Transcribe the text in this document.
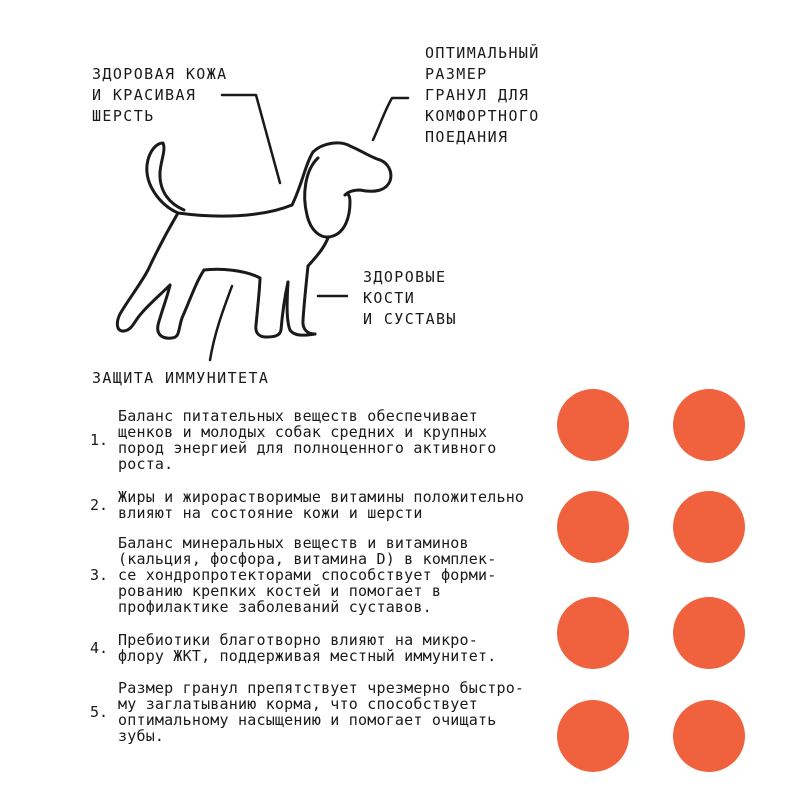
ЗДОРОВАЯ КОЖА
И КРАСИВАЯ
ШЕРСТЬ
ОПТИМАЛЬНЫЙ
РАЗМЕР
ГРАНУЛ ДЛЯ
КОМФОРТНОГО
ПОЕДАНИЯ
ЗДОРОВЫЕ
КОСТИ
И СУСТАВЫ
ЗАЩИТА ИММУНИТЕТА
1.
Баланс питательных веществ обеспечивает
щенков и молодых собак средних и крупных
пород энергией для полноценного активного
роста.
2. Жиры и жирорастворимые витамины положительно
влияют на состояние кожи и шерсти
3.
Баланс минеральных веществ и витаминов
(кальция, фосфора, витамина D) в комплек-
се хондропротекторами способствует форми-
рованию крепких костей и помогает в
профилактике заболеваний суставов.
4. Пребиотики благотворно влияют на микро-
флору ЖКТ, поддерживая местный иммунитет.
5.
Размер гранул препятствует чрезмерно быстро-
му заглатыванию корма, что способствует
оптимальному насыщению и помогает очищать
зубы.
